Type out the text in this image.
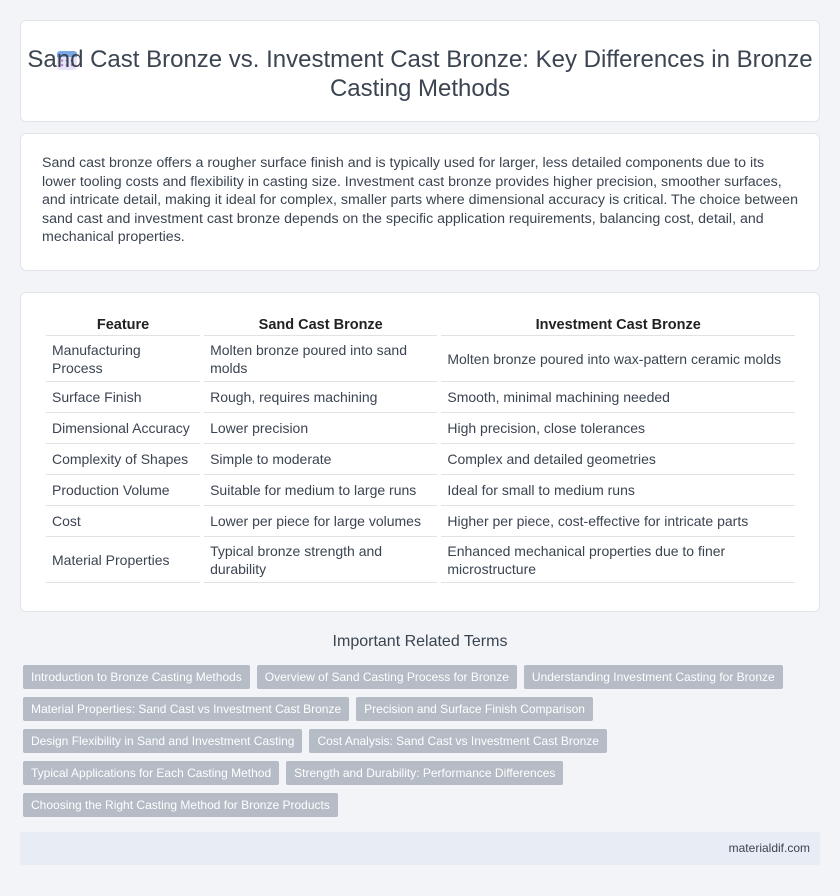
Sand Cast Bronze vs. Investment Cast Bronze: Key Differences in Bronze Casting Methods
Sand cast bronze offers a rougher surface finish and is typically used for larger, less detailed components due to its lower tooling costs and flexibility in casting size. Investment cast bronze provides higher precision, smoother surfaces, and intricate detail, making it ideal for complex, smaller parts where dimensional accuracy is critical. The choice between sand cast and investment cast bronze depends on the specific application requirements, balancing cost, detail, and mechanical properties.
Feature	Sand Cast Bronze	Investment Cast Bronze
Manufacturing Process	Molten bronze poured into sand molds	Molten bronze poured into wax-pattern ceramic molds
Surface Finish	Rough, requires machining	Smooth, minimal machining needed
Dimensional Accuracy	Lower precision	High precision, close tolerances
Complexity of Shapes	Simple to moderate	Complex and detailed geometries
Production Volume	Suitable for medium to large runs	Ideal for small to medium runs
Cost	Lower per piece for large volumes	Higher per piece, cost-effective for intricate parts
Material Properties	Typical bronze strength and durability	Enhanced mechanical properties due to finer microstructure
Important Related Terms
Introduction to Bronze Casting Methods Overview of Sand Casting Process for Bronze Understanding Investment Casting for Bronze
Material Properties: Sand Cast vs Investment Cast Bronze Precision and Surface Finish Comparison
Design Flexibility in Sand and Investment Casting Cost Analysis: Sand Cast vs Investment Cast Bronze
Typical Applications for Each Casting Method Strength and Durability: Performance Differences
Choosing the Right Casting Method for Bronze Products
materialdif.com
